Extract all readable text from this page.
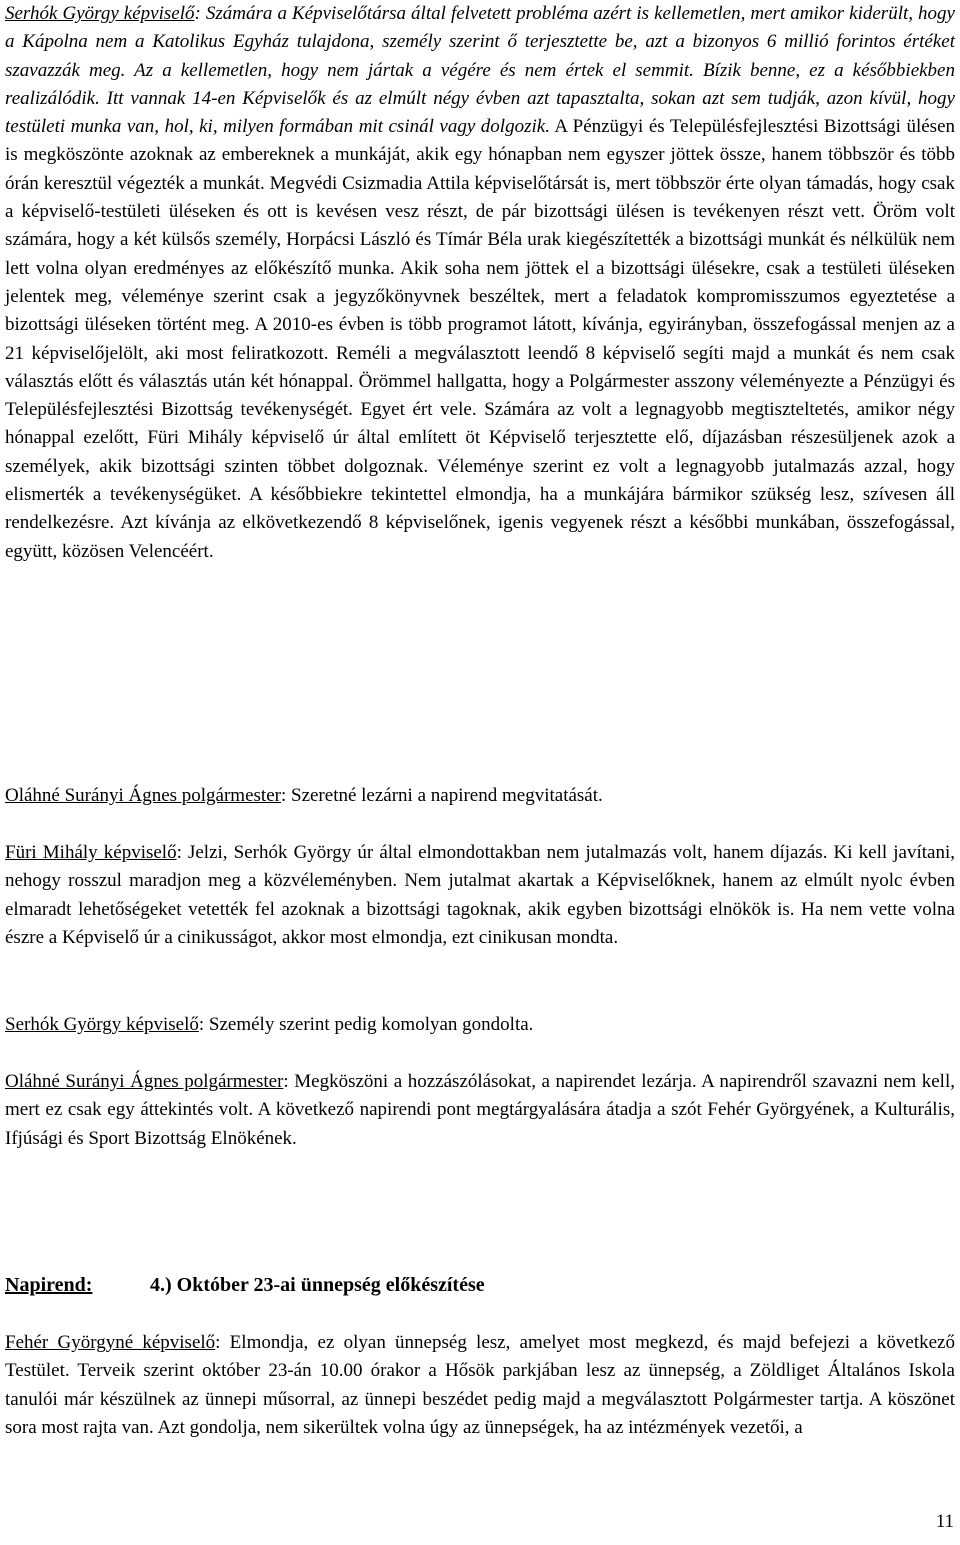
Serhók György képviselő: Számára a Képviselőtársa által felvetett probléma azért is kellemetlen, mert amikor kiderült, hogy a Kápolna nem a Katolikus Egyház tulajdona, személy szerint ő terjesztette be, azt a bizonyos 6 millió forintos értéket szavazzák meg. Az a kellemetlen, hogy nem jártak a végére és nem értek el semmit. Bízik benne, ez a későbbiekben realizálódik. Itt vannak 14-en Képviselők és az elmúlt négy évben azt tapasztalta, sokan azt sem tudják, azon kívül, hogy testületi munka van, hol, ki, milyen formában mit csinál vagy dolgozik. A Pénzügyi és Településfejlesztési Bizottsági ülésen is megköszönte azoknak az embereknek a munkáját, akik egy hónapban nem egyszer jöttek össze, hanem többször és több órán keresztül végezték a munkát. Megvédi Csizmadia Attila képviselőtársát is, mert többször érte olyan támadás, hogy csak a képviselő-testületi üléseken és ott is kevésen vesz részt, de pár bizottsági ülésen is tevékenyen részt vett. Öröm volt számára, hogy a két külsős személy, Horpácsi László és Tímár Béla urak kiegészítették a bizottsági munkát és nélkülük nem lett volna olyan eredményes az előkészítő munka. Akik soha nem jöttek el a bizottsági ülésekre, csak a testületi üléseken jelentek meg, véleménye szerint csak a jegyzőkönyvnek beszéltek, mert a feladatok kompromisszumos egyeztetése a bizottsági üléseken történt meg. A 2010-es évben is több programot látott, kívánja, egyirányban, összefogással menjen az a 21 képviselőjelölt, aki most feliratkozott. Reméli a megválasztott leendő 8 képviselő segíti majd a munkát és nem csak választás előtt és választás után két hónappal. Örömmel hallgatta, hogy a Polgármester asszony véleményezte a Pénzügyi és Településfejlesztési Bizottság tevékenységét. Egyet ért vele. Számára az volt a legnagyobb megtiszteltetés, amikor négy hónappal ezelőtt, Füri Mihály képviselő úr által említett öt Képviselő terjesztette elő, díjazásban részesüljenek azok a személyek, akik bizottsági szinten többet dolgoznak. Véleménye szerint ez volt a legnagyobb jutalmazás azzal, hogy elismerték a tevékenységüket. A későbbiekre tekintettel elmondja, ha a munkájára bármikor szükség lesz, szívesen áll rendelkezésre. Azt kívánja az elkövetkezendő 8 képviselőnek, igenis vegyenek részt a későbbi munkában, összefogással, együtt, közösen Velencéért.

Oláhné Surányi Ágnes polgármester: Szeretné lezárni a napirend megvitatását.

Füri Mihály képviselő: Jelzi, Serhók György úr által elmondottakban nem jutalmazás volt, hanem díjazás. Ki kell javítani, nehogy rosszul maradjon meg a közvéleményben. Nem jutalmat akartak a Képviselőknek, hanem az elmúlt nyolc évben elmaradt lehetőségeket vetették fel azoknak a bizottsági tagoknak, akik egyben bizottsági elnökök is. Ha nem vette volna észre a Képviselő úr a cinikusságot, akkor most elmondja, ezt cinikusan mondta.

Serhók György képviselő: Személy szerint pedig komolyan gondolta.

Oláhné Surányi Ágnes polgármester: Megköszöni a hozzászólásokat, a napirendet lezárja. A napirendről szavazni nem kell, mert ez csak egy áttekintés volt. A következő napirendi pont megtárgyalására átadja a szót Fehér Györgyének, a Kulturális, Ifjúsági és Sport Bizottság Elnökének.

Napirend:	4.) Október 23-ai ünnepség előkészítése

Fehér Györgyné képviselő: Elmondja, ez olyan ünnepség lesz, amelyet most megkezd, és majd befejezi a következő Testület. Terveik szerint október 23-án 10.00 órakor a Hősök parkjában lesz az ünnepség, a Zöldliget Általános Iskola tanulói már készülnek az ünnepi műsorral, az ünnepi beszédet pedig majd a megválasztott Polgármester tartja. A köszönet sora most rajta van. Azt gondolja, nem sikerültek volna úgy az ünnepségek, ha az intézmények vezetői, a

11
